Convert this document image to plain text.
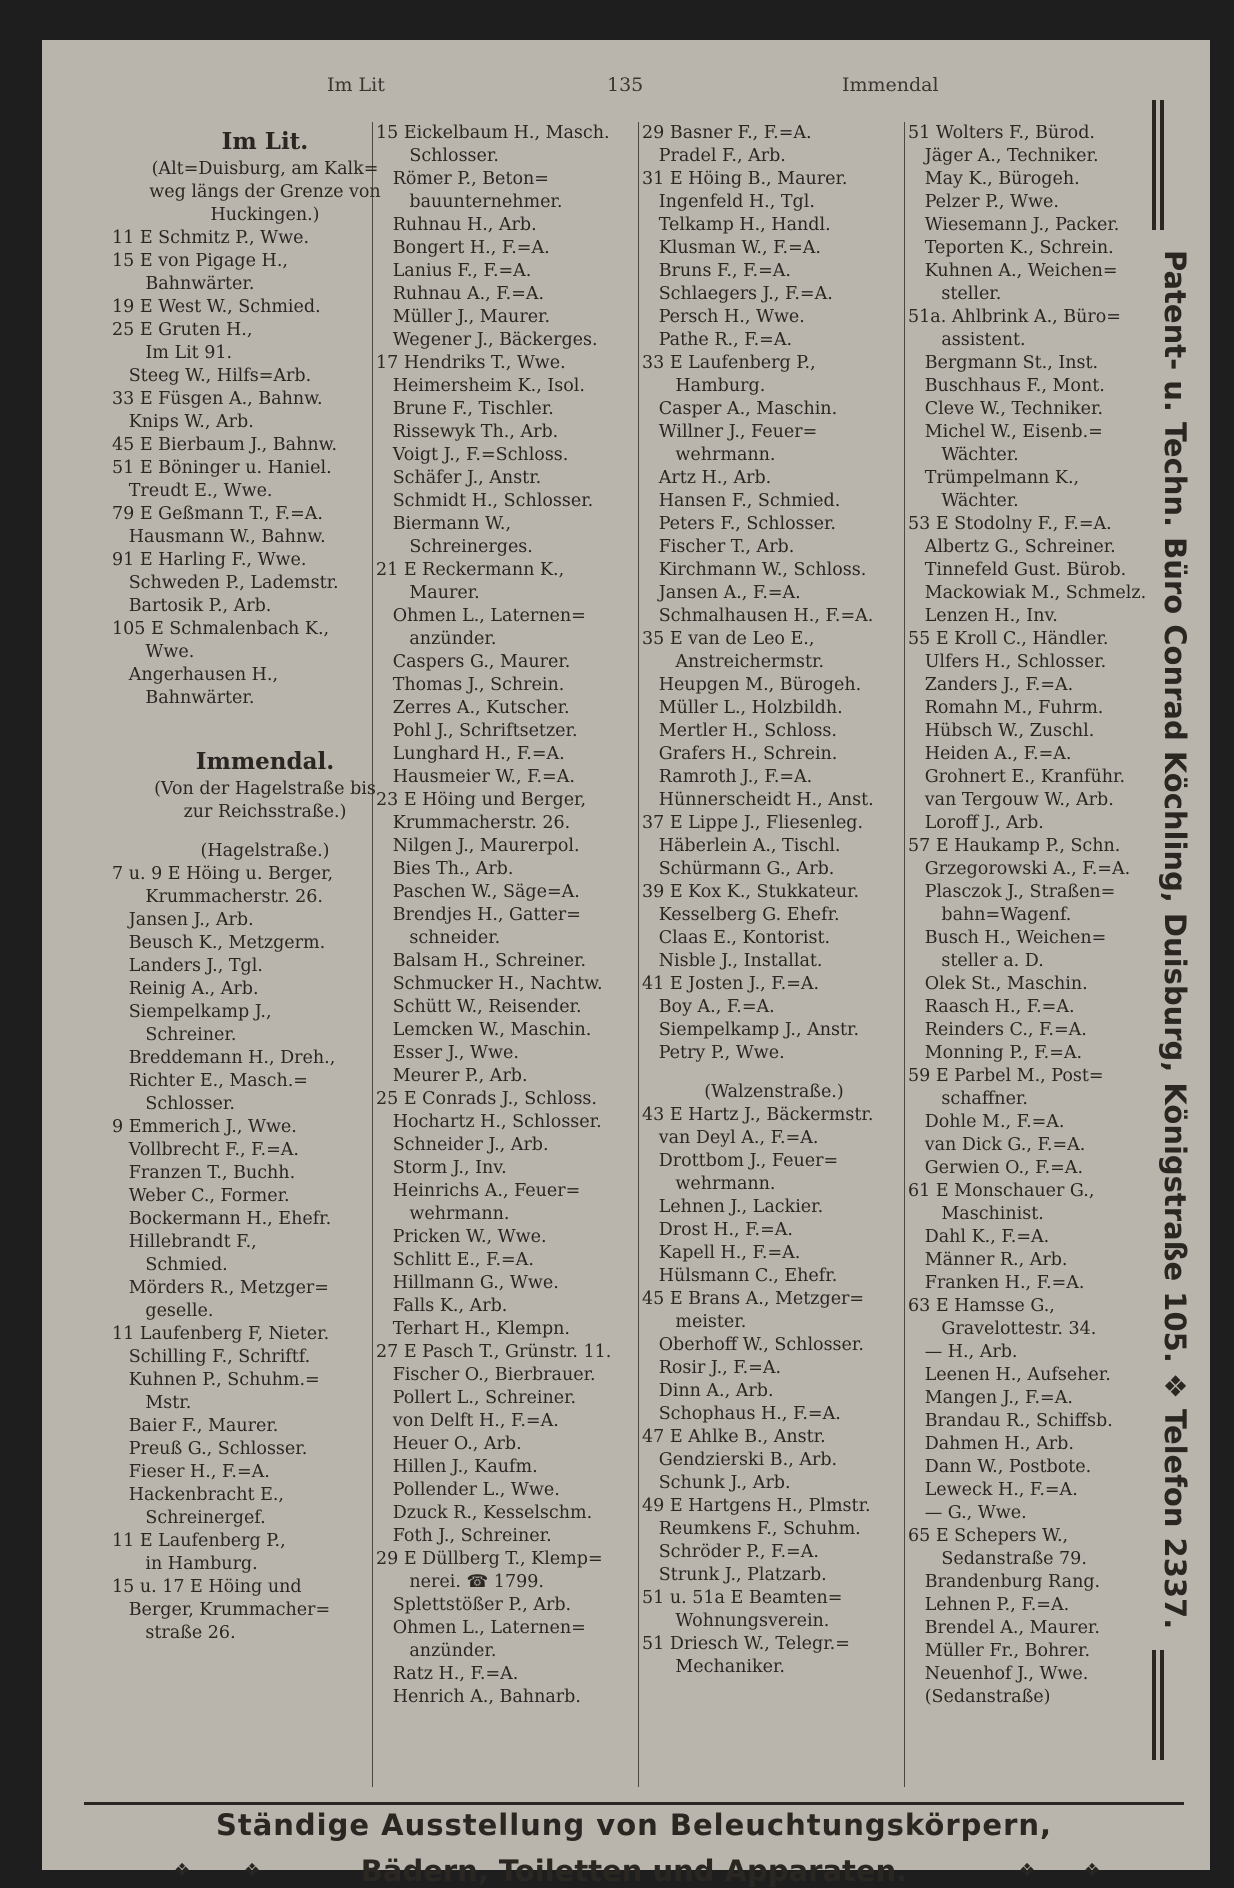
Im Lit	135	Immendal
Im Lit.
(Alt=Duisburg, am Kalk=
weg längs der Grenze von
Huckingen.)
11 E Schmitz P., Wwe.
15 E von Pigage H.,
Bahnwärter.
19 E West W., Schmied.
25 E Gruten H.,
Im Lit 91.
Steeg W., Hilfs=Arb.
33 E Füsgen A., Bahnw.
Knips W., Arb.
45 E Bierbaum J., Bahnw.
51 E Böninger u. Haniel.
Treudt E., Wwe.
79 E Geßmann T., F.=A.
Hausmann W., Bahnw.
91 E Harling F., Wwe.
Schweden P., Lademstr.
Bartosik P., Arb.
105 E Schmalenbach K.,
Wwe.
Angerhausen H.,
Bahnwärter.
Immendal.
(Von der Hagelstraße bis
zur Reichsstraße.)
(Hagelstraße.)
7 u. 9 E Höing u. Berger,
Krummacherstr. 26.
Jansen J., Arb.
Beusch K., Metzgerm.
Landers J., Tgl.
Reinig A., Arb.
Siempelkamp J.,
Schreiner.
Breddemann H., Dreh.,
Richter E., Masch.=
Schlosser.
9 Emmerich J., Wwe.
Vollbrecht F., F.=A.
Franzen T., Buchh.
Weber C., Former.
Bockermann H., Ehefr.
Hillebrandt F.,
Schmied.
Mörders R., Metzger=
geselle.
11 Laufenberg F, Nieter.
Schilling F., Schriftf.
Kuhnen P., Schuhm.=
Mstr.
Baier F., Maurer.
Preuß G., Schlosser.
Fieser H., F.=A.
Hackenbracht E.,
Schreinergef.
11 E Laufenberg P.,
in Hamburg.
15 u. 17 E Höing und
Berger, Krummacher=
straße 26.
15 Eickelbaum H., Masch.
Schlosser.
Römer P., Beton=
bauunternehmer.
Ruhnau H., Arb.
Bongert H., F.=A.
Lanius F., F.=A.
Ruhnau A., F.=A.
Müller J., Maurer.
Wegener J., Bäckerges.
17 Hendriks T., Wwe.
Heimersheim K., Isol.
Brune F., Tischler.
Rissewyk Th., Arb.
Voigt J., F.=Schloss.
Schäfer J., Anstr.
Schmidt H., Schlosser.
Biermann W.,
Schreinerges.
21 E Reckermann K.,
Maurer.
Ohmen L., Laternen=
anzünder.
Caspers G., Maurer.
Thomas J., Schrein.
Zerres A., Kutscher.
Pohl J., Schriftsetzer.
Lunghard H., F.=A.
Hausmeier W., F.=A.
23 E Höing und Berger,
Krummacherstr. 26.
Nilgen J., Maurerpol.
Bies Th., Arb.
Paschen W., Säge=A.
Brendjes H., Gatter=
schneider.
Balsam H., Schreiner.
Schmucker H., Nachtw.
Schütt W., Reisender.
Lemcken W., Maschin.
Esser J., Wwe.
Meurer P., Arb.
25 E Conrads J., Schloss.
Hochartz H., Schlosser.
Schneider J., Arb.
Storm J., Inv.
Heinrichs A., Feuer=
wehrmann.
Pricken W., Wwe.
Schlitt E., F.=A.
Hillmann G., Wwe.
Falls K., Arb.
Terhart H., Klempn.
27 E Pasch T., Grünstr. 11.
Fischer O., Bierbrauer.
Pollert L., Schreiner.
von Delft H., F.=A.
Heuer O., Arb.
Hillen J., Kaufm.
Pollender L., Wwe.
Dzuck R., Kesselschm.
Foth J., Schreiner.
29 E Düllberg T., Klemp=
nerei. ☎ 1799.
Splettstößer P., Arb.
Ohmen L., Laternen=
anzünder.
Ratz H., F.=A.
Henrich A., Bahnarb.
29 Basner F., F.=A.
Pradel F., Arb.
31 E Höing B., Maurer.
Ingenfeld H., Tgl.
Telkamp H., Handl.
Klusman W., F.=A.
Bruns F., F.=A.
Schlaegers J., F.=A.
Persch H., Wwe.
Pathe R., F.=A.
33 E Laufenberg P.,
Hamburg.
Casper A., Maschin.
Willner J., Feuer=
wehrmann.
Artz H., Arb.
Hansen F., Schmied.
Peters F., Schlosser.
Fischer T., Arb.
Kirchmann W., Schloss.
Jansen A., F.=A.
Schmalhausen H., F.=A.
35 E van de Leo E.,
Anstreichermstr.
Heupgen M., Bürogeh.
Müller L., Holzbildh.
Mertler H., Schloss.
Grafers H., Schrein.
Ramroth J., F.=A.
Hünnerscheidt H., Anst.
37 E Lippe J., Fliesenleg.
Häberlein A., Tischl.
Schürmann G., Arb.
39 E Kox K., Stukkateur.
Kesselberg G. Ehefr.
Claas E., Kontorist.
Nisble J., Installat.
41 E Josten J., F.=A.
Boy A., F.=A.
Siempelkamp J., Anstr.
Petry P., Wwe.
(Walzenstraße.)
43 E Hartz J., Bäckermstr.
van Deyl A., F.=A.
Drottbom J., Feuer=
wehrmann.
Lehnen J., Lackier.
Drost H., F.=A.
Kapell H., F.=A.
Hülsmann C., Ehefr.
45 E Brans A., Metzger=
meister.
Oberhoff W., Schlosser.
Rosir J., F.=A.
Dinn A., Arb.
Schophaus H., F.=A.
47 E Ahlke B., Anstr.
Gendzierski B., Arb.
Schunk J., Arb.
49 E Hartgens H., Plmstr.
Reumkens F., Schuhm.
Schröder P., F.=A.
Strunk J., Platzarb.
51 u. 51a E Beamten=
Wohnungsverein.
51 Driesch W., Telegr.=
Mechaniker.
51 Wolters F., Bürod.
Jäger A., Techniker.
May K., Bürogeh.
Pelzer P., Wwe.
Wiesemann J., Packer.
Teporten K., Schrein.
Kuhnen A., Weichen=
steller.
51a. Ahlbrink A., Büro=
assistent.
Bergmann St., Inst.
Buschhaus F., Mont.
Cleve W., Techniker.
Michel W., Eisenb.=
Wächter.
Trümpelmann K.,
Wächter.
53 E Stodolny F., F.=A.
Albertz G., Schreiner.
Tinnefeld Gust. Bürob.
Mackowiak M., Schmelz.
Lenzen H., Inv.
55 E Kroll C., Händler.
Ulfers H., Schlosser.
Zanders J., F.=A.
Romahn M., Fuhrm.
Hübsch W., Zuschl.
Heiden A., F.=A.
Grohnert E., Kranführ.
van Tergouw W., Arb.
Loroff J., Arb.
57 E Haukamp P., Schn.
Grzegorowski A., F.=A.
Plasczok J., Straßen=
bahn=Wagenf.
Busch H., Weichen=
steller a. D.
Olek St., Maschin.
Raasch H., F.=A.
Reinders C., F.=A.
Monning P., F.=A.
59 E Parbel M., Post=
schaffner.
Dohle M., F.=A.
van Dick G., F.=A.
Gerwien O., F.=A.
61 E Monschauer G.,
Maschinist.
Dahl K., F.=A.
Männer R., Arb.
Franken H., F.=A.
63 E Hamsse G.,
Gravelottestr. 34.
— H., Arb.
Leenen H., Aufseher.
Mangen J., F.=A.
Brandau R., Schiffsb.
Dahmen H., Arb.
Dann W., Postbote.
Leweck H., F.=A.
— G., Wwe.
65 E Schepers W.,
Sedanstraße 79.
Brandenburg Rang.
Lehnen P., F.=A.
Brendel A., Maurer.
Müller Fr., Bohrer.
Neuenhof J., Wwe.
(Sedanstraße)
Ständige Ausstellung von Beleuchtungskörpern,
❖	❖	Bädern, Toiletten und Apparaten.	❖	❖
Patent- u. Techn. Büro Conrad Köchling, Duisburg, Königstraße 105. ❖ Telefon 2337.
